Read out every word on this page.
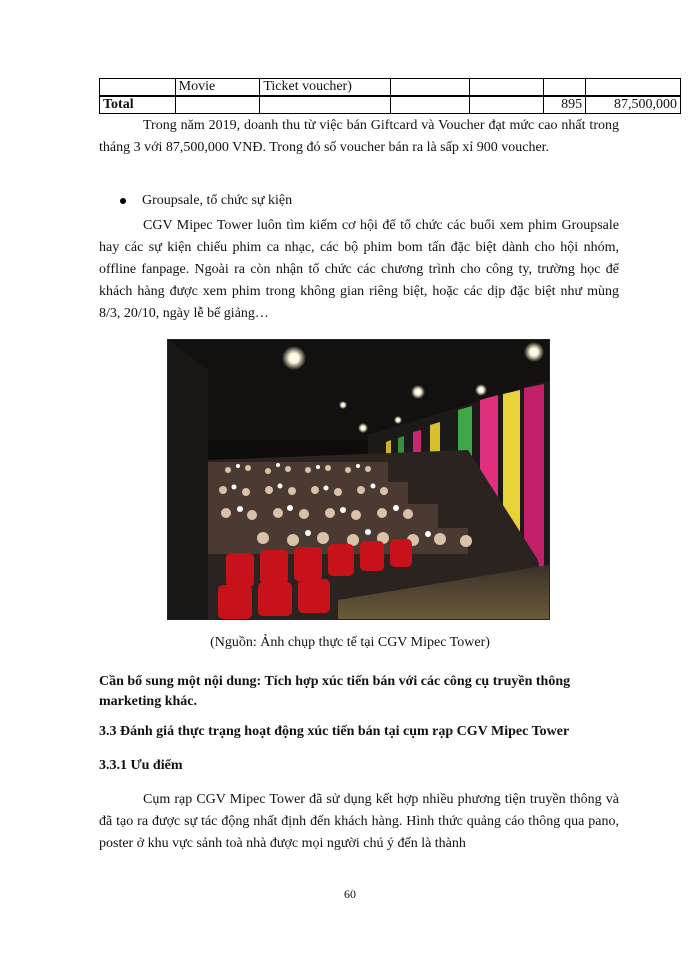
	Movie	Ticket voucher)				
Total					895	87,500,000
Trong năm 2019, doanh thu từ việc bán Giftcard và Voucher đạt mức cao nhất trong tháng 3 với 87,500,000 VNĐ. Trong đó số voucher bán ra là sấp xỉ 900 voucher.
Groupsale, tổ chức sự kiện
CGV Mipec Tower luôn tìm kiếm cơ hội để tổ chức các buổi xem phim Groupsale hay các sự kiện chiếu phim ca nhạc, các bộ phim bom tấn đặc biệt dành cho hội nhóm, offline fanpage. Ngoài ra còn nhận tổ chức các chương trình cho công ty, trường học để khách hàng được xem phim trong không gian riêng biệt, hoặc các dịp đặc biệt như mùng 8/3, 20/10, ngày lễ bế giảng…
(Nguồn: Ảnh chụp thực tế tại CGV Mipec Tower)
Cần bổ sung một nội dung: Tích hợp xúc tiến bán với các công cụ truyền thông marketing khác.
3.3 Đánh giá thực trạng hoạt động xúc tiến bán tại cụm rạp CGV Mipec Tower
3.3.1 Ưu điểm
Cụm rạp CGV Mipec Tower đã sử dụng kết hợp nhiều phương tiện truyền thông và đã tạo ra được sự tác động nhất định đến khách hàng. Hình thức quảng cáo thông qua pano, poster ở khu vực sảnh toà nhà được mọi người chú ý đến là thành
60
